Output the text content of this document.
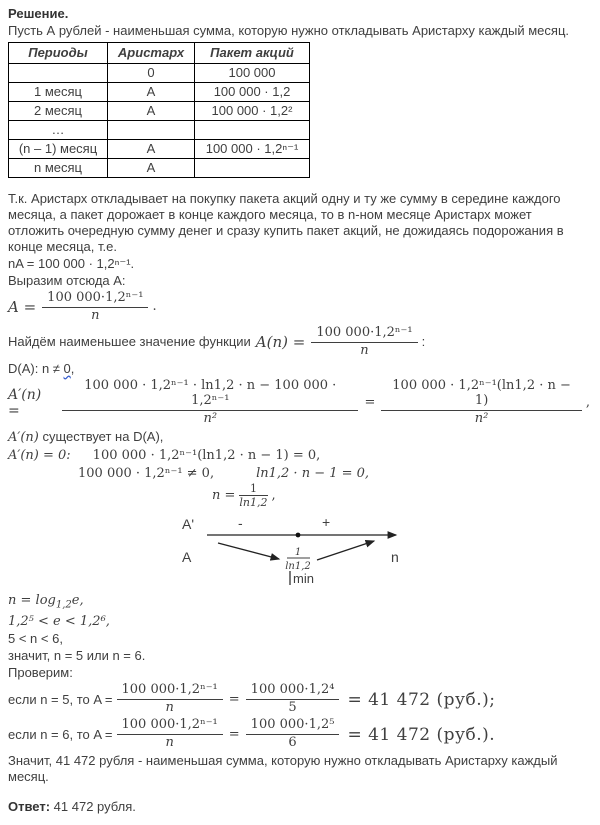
Решение.

Пусть А рублей - наименьшая сумма, которую нужно откладывать Аристарху каждый месяц.

Периоды	Аристарх	Пакет акций
	0	100 000
1 месяц	А	100 000 · 1,2
2 месяц	А	100 000 · 1,2²
…		
(n – 1) месяц	А	100 000 · 1,2ⁿ⁻¹
n месяц	А	

Т.к. Аристарх откладывает на покупку пакета акций одну и ту же сумму в середине каждого месяца, а пакет дорожает в конце каждого месяца, то в n-ном месяце Аристарх может отложить очередную сумму денег и сразу купить пакет акций, не дожидаясь подорожания в конце месяца, т.е.

nA = 100 000 · 1,2ⁿ⁻¹.
Выразим отсюда А:
$A = \frac{\text{100 000·1,2ⁿ⁻¹}}{n}$ .
Найдём наименьшее значение функции $A(n) = \frac{\text{100 000·1,2ⁿ⁻¹}}{n}$ :
D(A): n ≠ 0,
A′(n) =	$\frac{\text{100 000 · 1,2ⁿ⁻¹ · ln1,2 · n − 100 000 · 1,2ⁿ⁻¹}}{\text{n²}} = \frac{\text{100 000 · 1,2ⁿ⁻¹(ln1,2 · n − 1)}}{\text{n²}}$ ,
A′(n) существует на D(A),
A′(n) = 0: 100 000 · 1,2ⁿ⁻¹(ln1,2 · n − 1) = 0,
100 000 · 1,2ⁿ⁻¹ ≠ 0,	ln1,2 · n − 1 = 0,
$n = \frac{1}{\ln 1,2}$ ,
A'	-	+
A	1
ln1,2
n
min
$n = \log_{1,2}e$,
1,2⁵ < e < 1,2⁶,
5 < n < 6,
значит, n = 5 или n = 6.
Проверим:
если n = 5, то $A = \frac{\text{100 000·1,2ⁿ⁻¹}}{n} = \frac{\text{100 000·1,2⁴}}{5} = 41$ 472 (руб.);
если n = 6, то $A = \frac{\text{100 000·1,2ⁿ⁻¹}}{n} = \frac{\text{100 000·1,2⁵}}{6} = 41$ 472 (руб.).

Значит, 41 472 рубля - наименьшая сумма, которую нужно откладывать Аристарху каждый месяц.

Ответ: 41 472 рубля.
